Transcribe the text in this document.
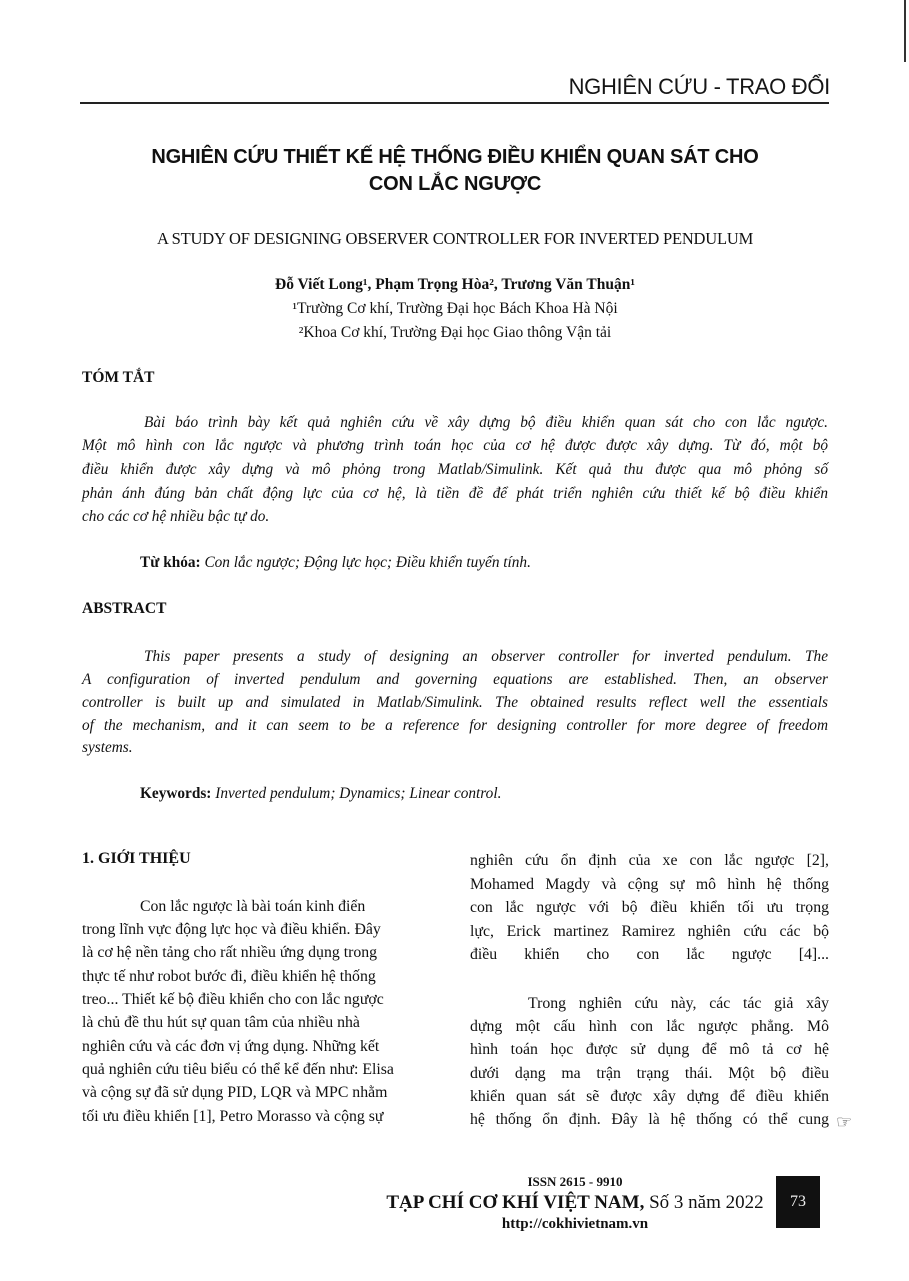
NGHIÊN CỨU - TRAO ĐỔI
NGHIÊN CỨU THIẾT KẾ HỆ THỐNG ĐIỀU KHIỂN QUAN SÁT CHO
CON LẮC NGƯỢC
A STUDY OF DESIGNING OBSERVER CONTROLLER FOR INVERTED PENDULUM
Đỗ Viết Long¹, Phạm Trọng Hòa², Trương Văn Thuận¹
¹Trường Cơ khí, Trường Đại học Bách Khoa Hà Nội
²Khoa Cơ khí, Trường Đại học Giao thông Vận tải
TÓM TẮT
Bài báo trình bày kết quả nghiên cứu về xây dựng bộ điều khiển quan sát cho con lắc ngược.
Một mô hình con lắc ngược và phương trình toán học của cơ hệ được được xây dựng. Từ đó, một bộ
điều khiển được xây dựng và mô phỏng trong Matlab/Simulink. Kết quả thu được qua mô phỏng số
phản ánh đúng bản chất động lực của cơ hệ, là tiền đề để phát triển nghiên cứu thiết kế bộ điều khiển
cho các cơ hệ nhiều bậc tự do.
Từ khóa: Con lắc ngược; Động lực học; Điều khiển tuyến tính.
ABSTRACT
This paper presents a study of designing an observer controller for inverted pendulum. The
A configuration of inverted pendulum and governing equations are established. Then, an observer
controller is built up and simulated in Matlab/Simulink. The obtained results reflect well the essentials
of the mechanism, and it can seem to be a reference for designing controller for more degree of freedom
systems.
Keywords: Inverted pendulum; Dynamics; Linear control.
1. GIỚI THIỆU
Con lắc ngược là bài toán kinh điển
trong lĩnh vực động lực học và điều khiển. Đây
là cơ hệ nền tảng cho rất nhiều ứng dụng trong
thực tế như robot bước đi, điều khiển hệ thống
treo... Thiết kế bộ điều khiển cho con lắc ngược
là chủ đề thu hút sự quan tâm của nhiều nhà
nghiên cứu và các đơn vị ứng dụng. Những kết
quả nghiên cứu tiêu biểu có thể kể đến như: Elisa
và cộng sự đã sử dụng PID, LQR và MPC nhằm
tối ưu điều khiển [1], Petro Morasso và cộng sự
nghiên cứu ổn định của xe con lắc ngược [2],
Mohamed Magdy và cộng sự mô hình hệ thống
con lắc ngược với bộ điều khiển tối ưu trọng
lực, Erick martinez Ramirez nghiên cứu các bộ
điều khiển cho con lắc ngược [4]...
Trong nghiên cứu này, các tác giả xây
dựng một cấu hình con lắc ngược phẳng. Mô
hình toán học được sử dụng để mô tả cơ hệ
dưới dạng ma trận trạng thái. Một bộ điều
khiển quan sát sẽ được xây dựng để điều khiển
hệ thống ổn định. Đây là hệ thống có thể cung ☞
ISSN 2615 - 9910
TẠP CHÍ CƠ KHÍ VIỆT NAM, Số 3 năm 2022
http://cokhivietnam.vn
73
